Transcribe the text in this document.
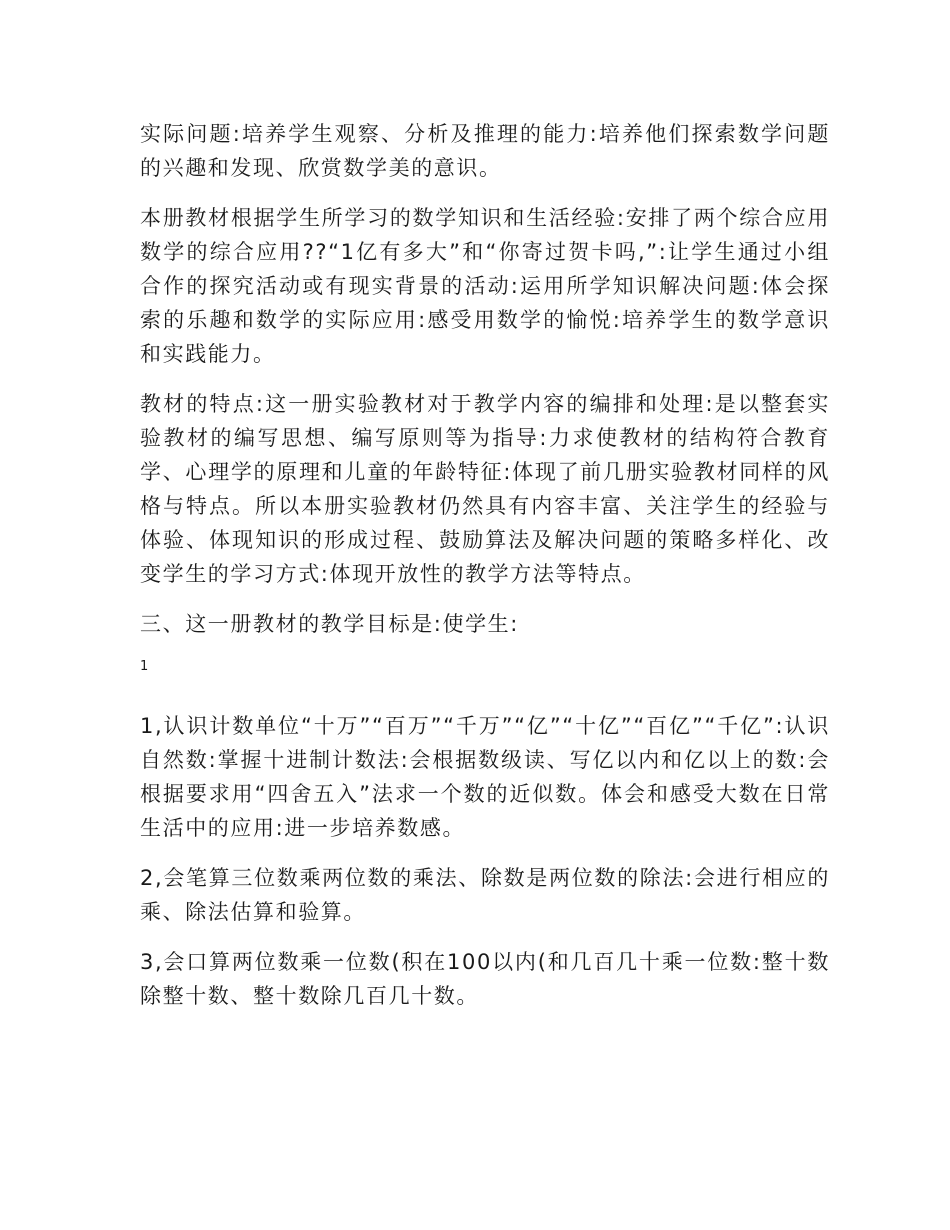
实际问题:培养学生观察、分析及推理的能力:培养他们探索数学问题的兴趣和发现、欣赏数学美的意识。

本册教材根据学生所学习的数学知识和生活经验:安排了两个综合应用数学的综合应用??“1亿有多大”和“你寄过贺卡吗,”:让学生通过小组合作的探究活动或有现实背景的活动:运用所学知识解决问题:体会探索的乐趣和数学的实际应用:感受用数学的愉悦:培养学生的数学意识和实践能力。

教材的特点:这一册实验教材对于教学内容的编排和处理:是以整套实验教材的编写思想、编写原则等为指导:力求使教材的结构符合教育学、心理学的原理和儿童的年龄特征:体现了前几册实验教材同样的风格与特点。所以本册实验教材仍然具有内容丰富、关注学生的经验与体验、体现知识的形成过程、鼓励算法及解决问题的策略多样化、改变学生的学习方式:体现开放性的教学方法等特点。

三、这一册教材的教学目标是:使学生:

1

1,认识计数单位“十万”“百万”“千万”“亿”“十亿”“百亿”“千亿”:认识自然数:掌握十进制计数法:会根据数级读、写亿以内和亿以上的数:会根据要求用“四舍五入”法求一个数的近似数。体会和感受大数在日常生活中的应用:进一步培养数感。

2,会笔算三位数乘两位数的乘法、除数是两位数的除法:会进行相应的乘、除法估算和验算。

3,会口算两位数乘一位数(积在100以内(和几百几十乘一位数:整十数除整十数、整十数除几百几十数。
